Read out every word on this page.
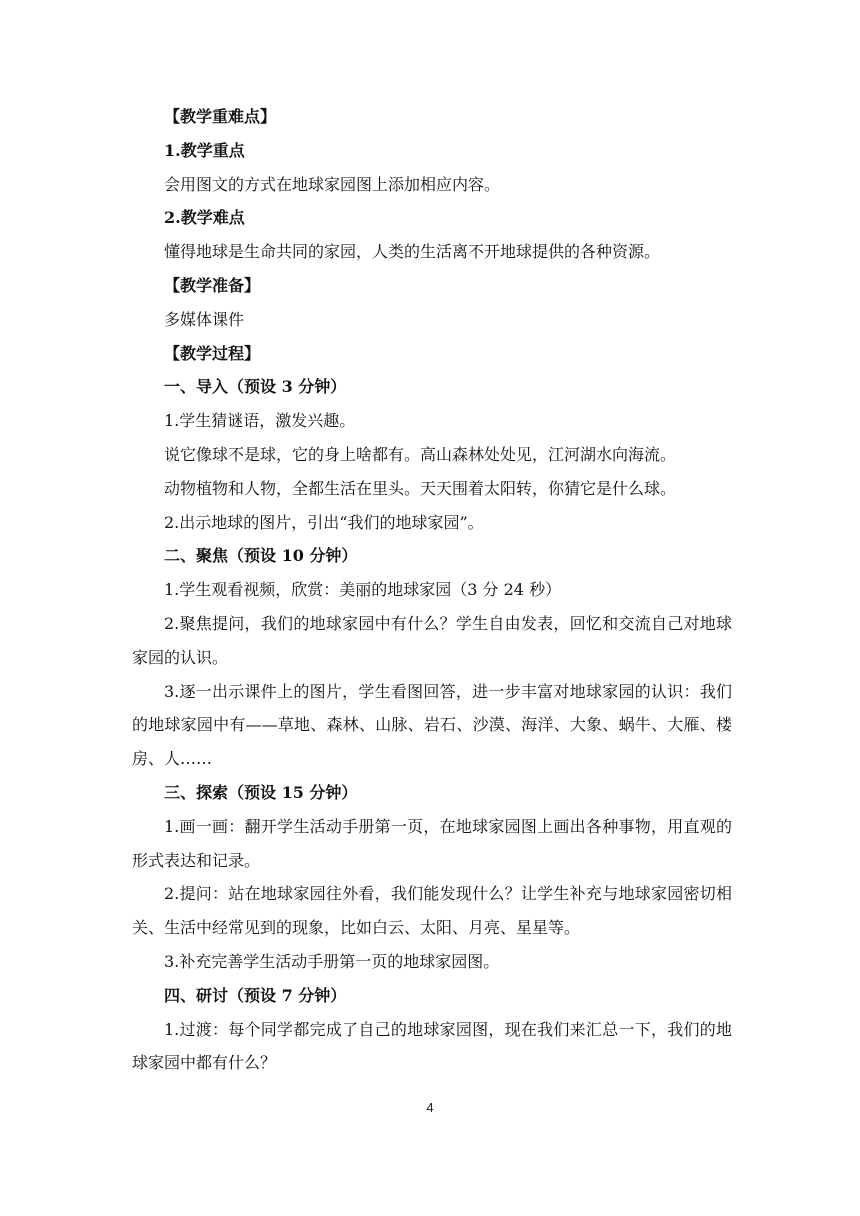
【教学重难点】
1.教学重点
会用图文的方式在地球家园图上添加相应内容。
2.教学难点
懂得地球是生命共同的家园，人类的生活离不开地球提供的各种资源。
【教学准备】
多媒体课件
【教学过程】
一、导入（预设 3 分钟）
1.学生猜谜语，激发兴趣。
说它像球不是球，它的身上啥都有。高山森林处处见，江河湖水向海流。
动物植物和人物，全都生活在里头。天天围着太阳转，你猜它是什么球。
2.出示地球的图片，引出“我们的地球家园”。
二、聚焦（预设 10 分钟）
1.学生观看视频，欣赏：美丽的地球家园（3 分 24 秒）
2.聚焦提问，我们的地球家园中有什么？学生自由发表，回忆和交流自己对地球家园的认识。
3.逐一出示课件上的图片，学生看图回答，进一步丰富对地球家园的认识：我们的地球家园中有——草地、森林、山脉、岩石、沙漠、海洋、大象、蜗牛、大雁、楼房、人……
三、探索（预设 15 分钟）
1.画一画：翻开学生活动手册第一页，在地球家园图上画出各种事物，用直观的形式表达和记录。
2.提问：站在地球家园往外看，我们能发现什么？让学生补充与地球家园密切相关、生活中经常见到的现象，比如白云、太阳、月亮、星星等。
3.补充完善学生活动手册第一页的地球家园图。
四、研讨（预设 7 分钟）
1.过渡：每个同学都完成了自己的地球家园图，现在我们来汇总一下，我们的地球家园中都有什么？
4
